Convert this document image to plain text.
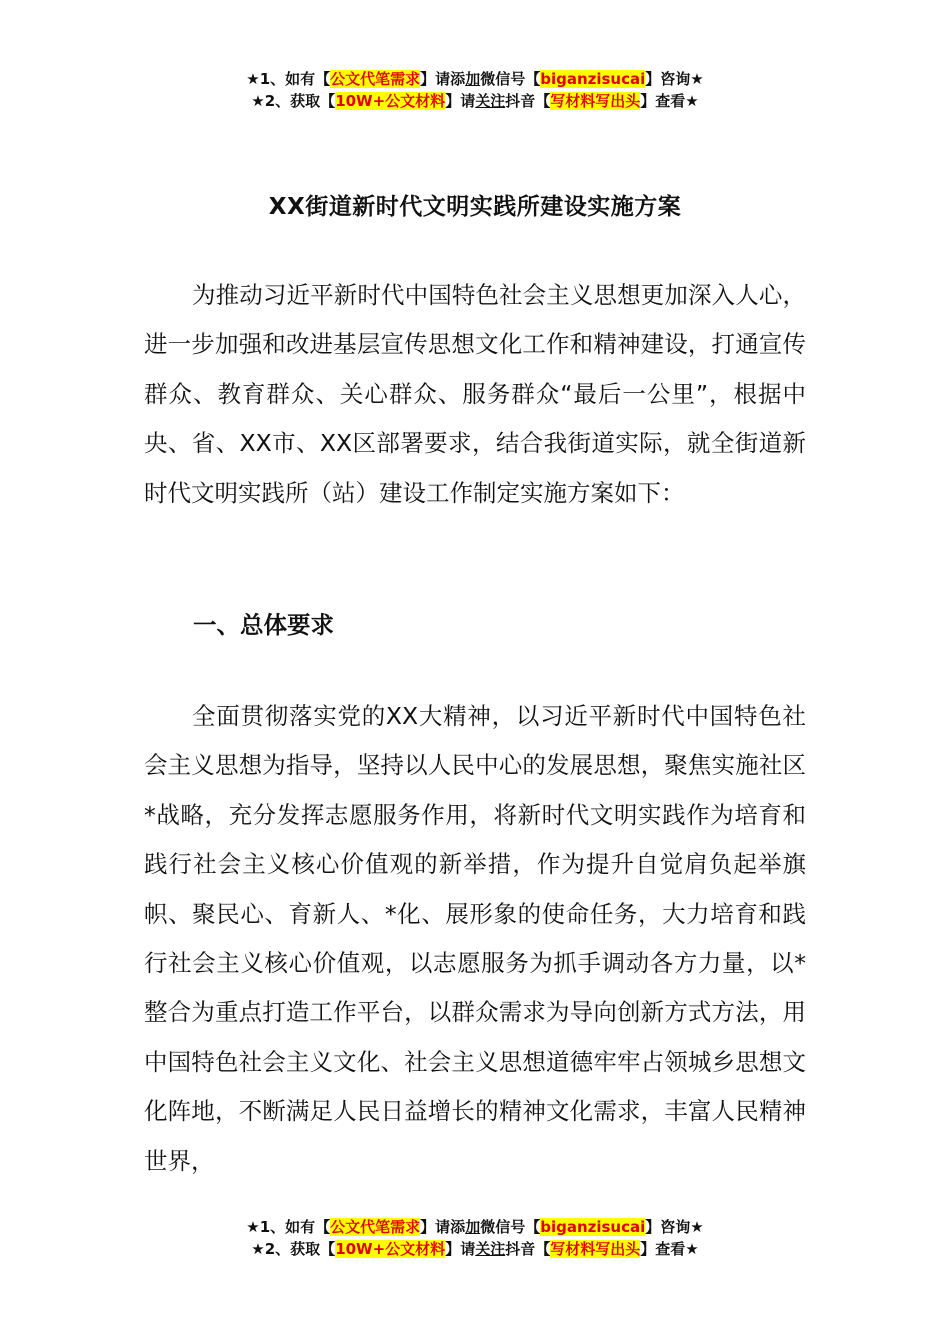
★1、如有【公文代笔需求】请添加微信号【biganzisucai】咨询★
★2、获取【10W+公文材料】请关注抖音【写材料写出头】查看★
XX街道新时代文明实践所建设实施方案

为推动习近平新时代中国特色社会主义思想更加深入人心，进一步加强和改进基层宣传思想文化工作和精神建设，打通宣传群众、教育群众、关心群众、服务群众“最后一公里”，根据中央、省、XX市、XX区部署要求，结合我街道实际，就全街道新时代文明实践所（站）建设工作制定实施方案如下：

一、总体要求

全面贯彻落实党的XX大精神，以习近平新时代中国特色社会主义思想为指导，坚持以人民中心的发展思想，聚焦实施社区*战略，充分发挥志愿服务作用，将新时代文明实践作为培育和践行社会主义核心价值观的新举措，作为提升自觉肩负起举旗帜、聚民心、育新人、*化、展形象的使命任务，大力培育和践行社会主义核心价值观，以志愿服务为抓手调动各方力量，以*整合为重点打造工作平台，以群众需求为导向创新方式方法，用中国特色社会主义文化、社会主义思想道德牢牢占领城乡思想文化阵地，不断满足人民日益增长的精神文化需求，丰富人民精神世界，

★1、如有【公文代笔需求】请添加微信号【biganzisucai】咨询★
★2、获取【10W+公文材料】请关注抖音【写材料写出头】查看★
